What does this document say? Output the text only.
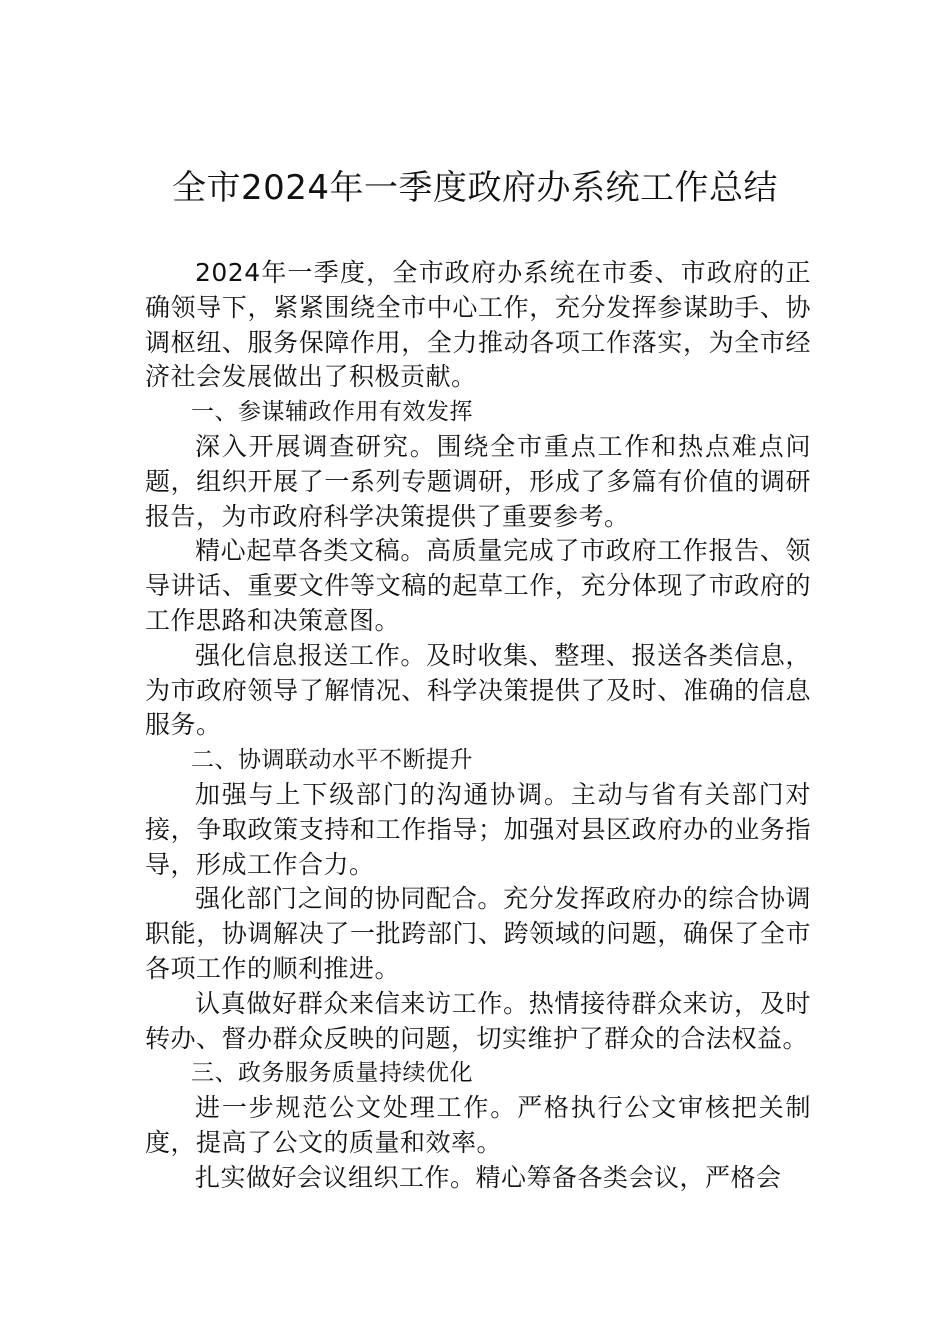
全市2024年一季度政府办系统工作总结

2024年一季度，全市政府办系统在市委、市政府的正确领导下，紧紧围绕全市中心工作，充分发挥参谋助手、协调枢纽、服务保障作用，全力推动各项工作落实，为全市经济社会发展做出了积极贡献。

一、参谋辅政作用有效发挥

深入开展调查研究。围绕全市重点工作和热点难点问题，组织开展了一系列专题调研，形成了多篇有价值的调研报告，为市政府科学决策提供了重要参考。

精心起草各类文稿。高质量完成了市政府工作报告、领导讲话、重要文件等文稿的起草工作，充分体现了市政府的工作思路和决策意图。

强化信息报送工作。及时收集、整理、报送各类信息，为市政府领导了解情况、科学决策提供了及时、准确的信息服务。

二、协调联动水平不断提升

加强与上下级部门的沟通协调。主动与省有关部门对接，争取政策支持和工作指导；加强对县区政府办的业务指导，形成工作合力。

强化部门之间的协同配合。充分发挥政府办的综合协调职能，协调解决了一批跨部门、跨领域的问题，确保了全市各项工作的顺利推进。

认真做好群众来信来访工作。热情接待群众来访，及时转办、督办群众反映的问题，切实维护了群众的合法权益。

三、政务服务质量持续优化

进一步规范公文处理工作。严格执行公文审核把关制度，提高了公文的质量和效率。

扎实做好会议组织工作。精心筹备各类会议，严格会
